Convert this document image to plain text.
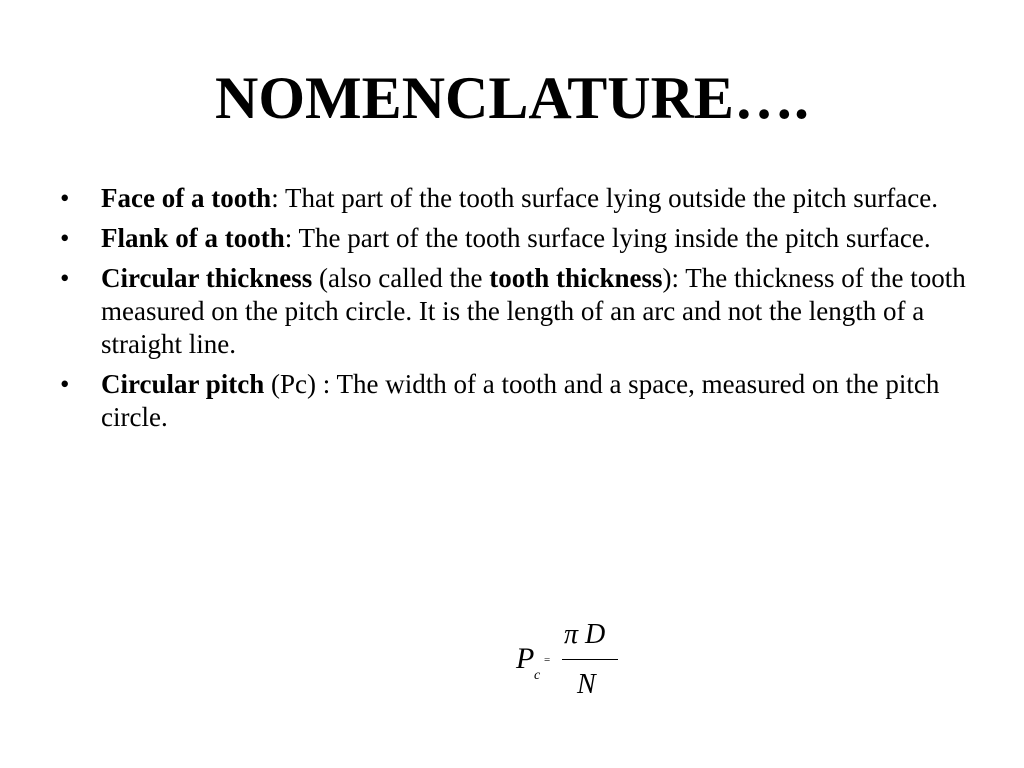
NOMENCLATURE….
•	Face of a tooth: That part of the tooth surface lying outside the pitch surface.
•	Flank of a tooth: The part of the tooth surface lying inside the pitch surface.
•	Circular thickness (also called the tooth thickness): The thickness of the tooth measured on the pitch circle. It is the length of an arc and not the length of a straight line.
•	Circular pitch (Pc) : The width of a tooth and a space, measured on the pitch circle.
P
c
=
π D
N
